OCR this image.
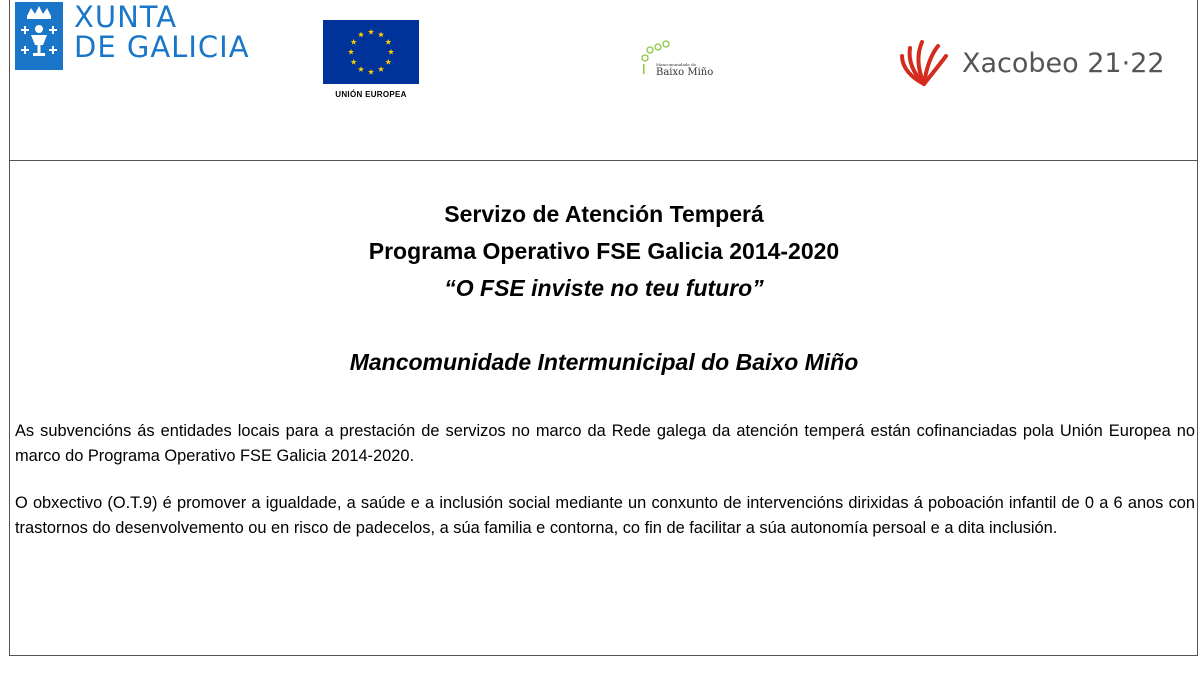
XUNTA
DE GALICIA
UNIÓN EUROPEA
Mancomunidade do
Baixo Miño	Xacobeo 21·22
Servizo de Atención Temperá
Programa Operativo FSE Galicia 2014-2020
“O FSE inviste no teu futuro”
Mancomunidade Intermunicipal do Baixo Miño
As subvencións ás entidades locais para a prestación de servizos no marco da Rede galega da atención temperá están cofinanciadas pola Unión Europea no marco do Programa Operativo FSE Galicia 2014-2020.
O obxectivo (O.T.9) é promover a igualdade, a saúde e a inclusión social mediante un conxunto de intervencións dirixidas á poboación infantil de 0 a 6 anos con trastornos do desenvolvemento ou en risco de padecelos, a súa familia e contorna, co fin de facilitar a súa autonomía persoal e a dita inclusión.
